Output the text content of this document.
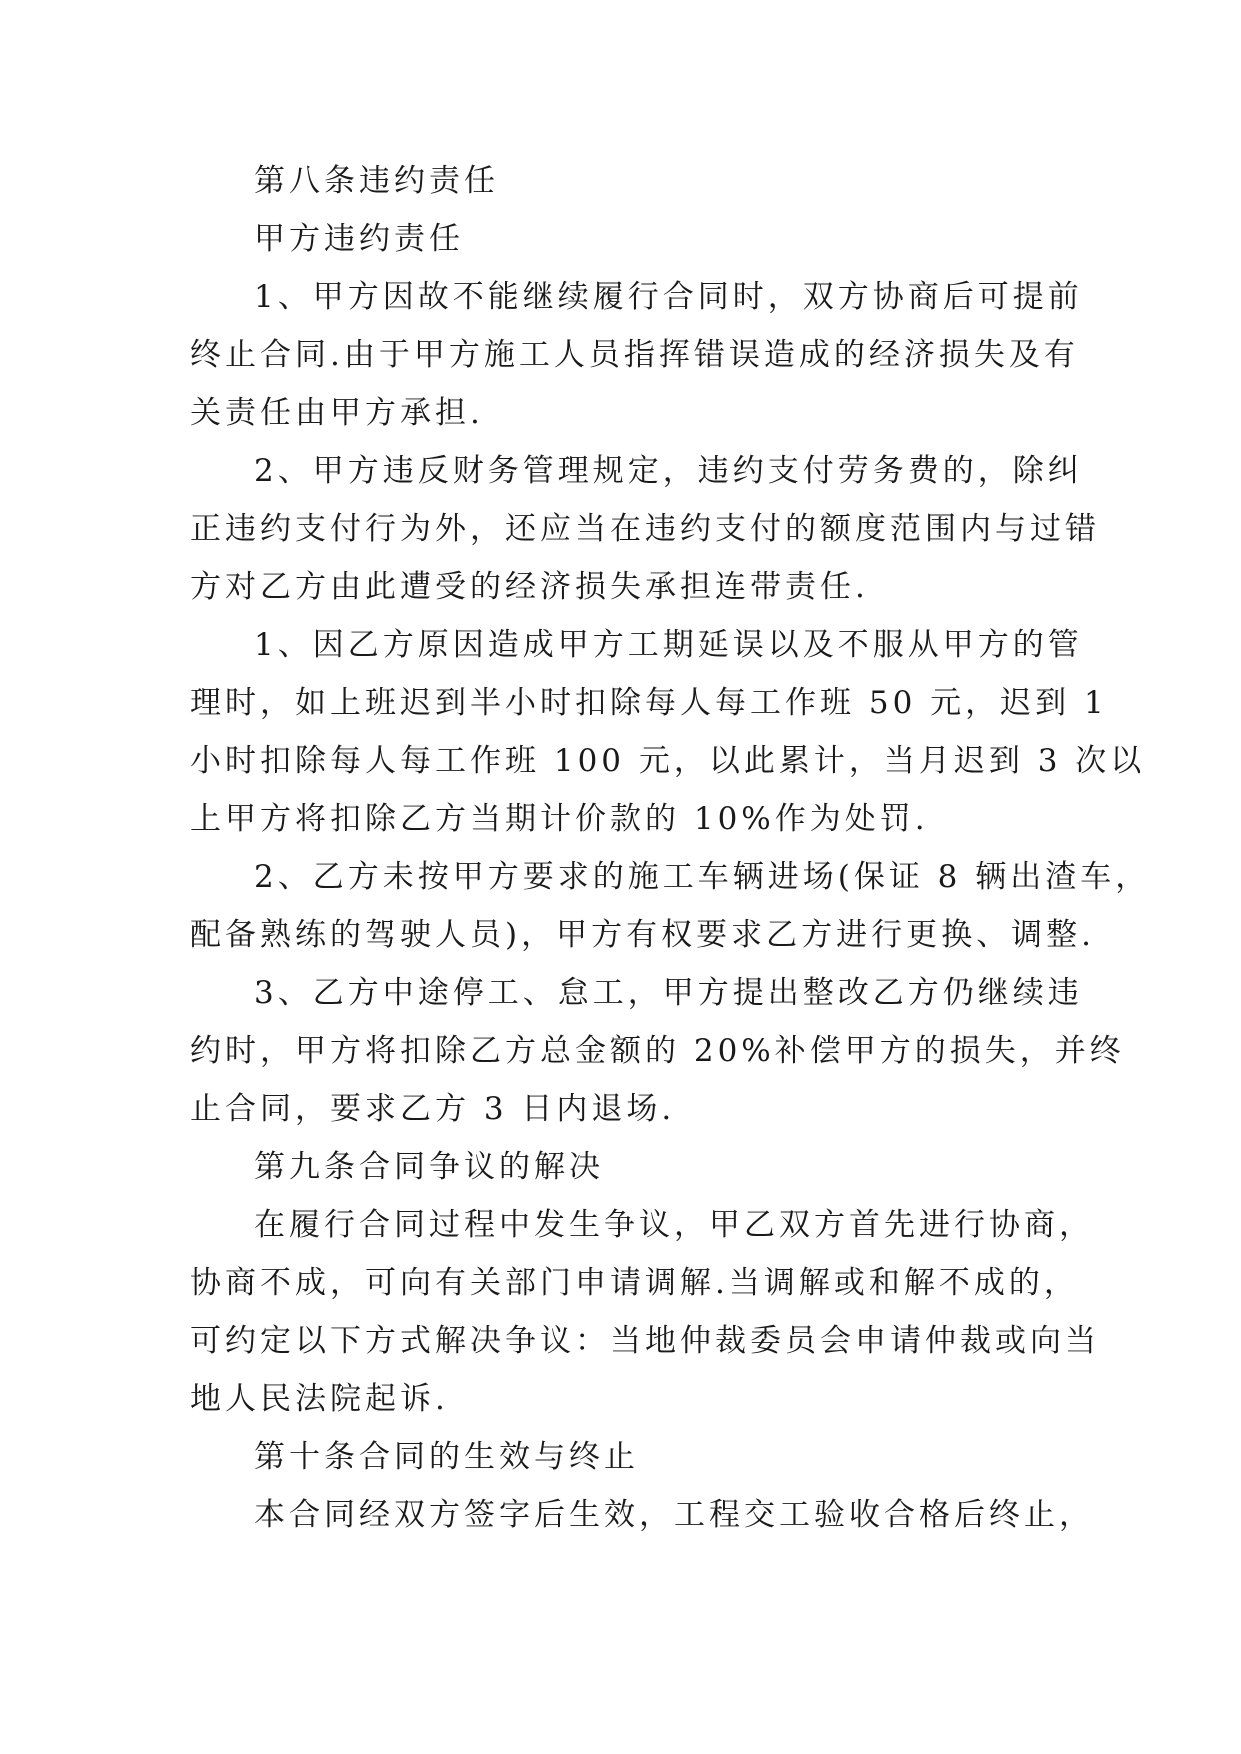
第八条违约责任
甲方违约责任
1、甲方因故不能继续履行合同时，双方协商后可提前
终止合同.由于甲方施工人员指挥错误造成的经济损失及有
关责任由甲方承担.
2、甲方违反财务管理规定，违约支付劳务费的，除纠
正违约支付行为外，还应当在违约支付的额度范围内与过错
方对乙方由此遭受的经济损失承担连带责任.
1、因乙方原因造成甲方工期延误以及不服从甲方的管
理时，如上班迟到半小时扣除每人每工作班 50 元，迟到 1
小时扣除每人每工作班 100 元，以此累计，当月迟到 3 次以
上甲方将扣除乙方当期计价款的 10%作为处罚.
2、乙方未按甲方要求的施工车辆进场(保证 8 辆出渣车，
配备熟练的驾驶人员)，甲方有权要求乙方进行更换、调整.
3、乙方中途停工、怠工，甲方提出整改乙方仍继续违
约时，甲方将扣除乙方总金额的 20%补偿甲方的损失，并终
止合同，要求乙方 3 日内退场.
第九条合同争议的解决
在履行合同过程中发生争议，甲乙双方首先进行协商，
协商不成，可向有关部门申请调解.当调解或和解不成的，
可约定以下方式解决争议：当地仲裁委员会申请仲裁或向当
地人民法院起诉.
第十条合同的生效与终止
本合同经双方签字后生效，工程交工验收合格后终止，
